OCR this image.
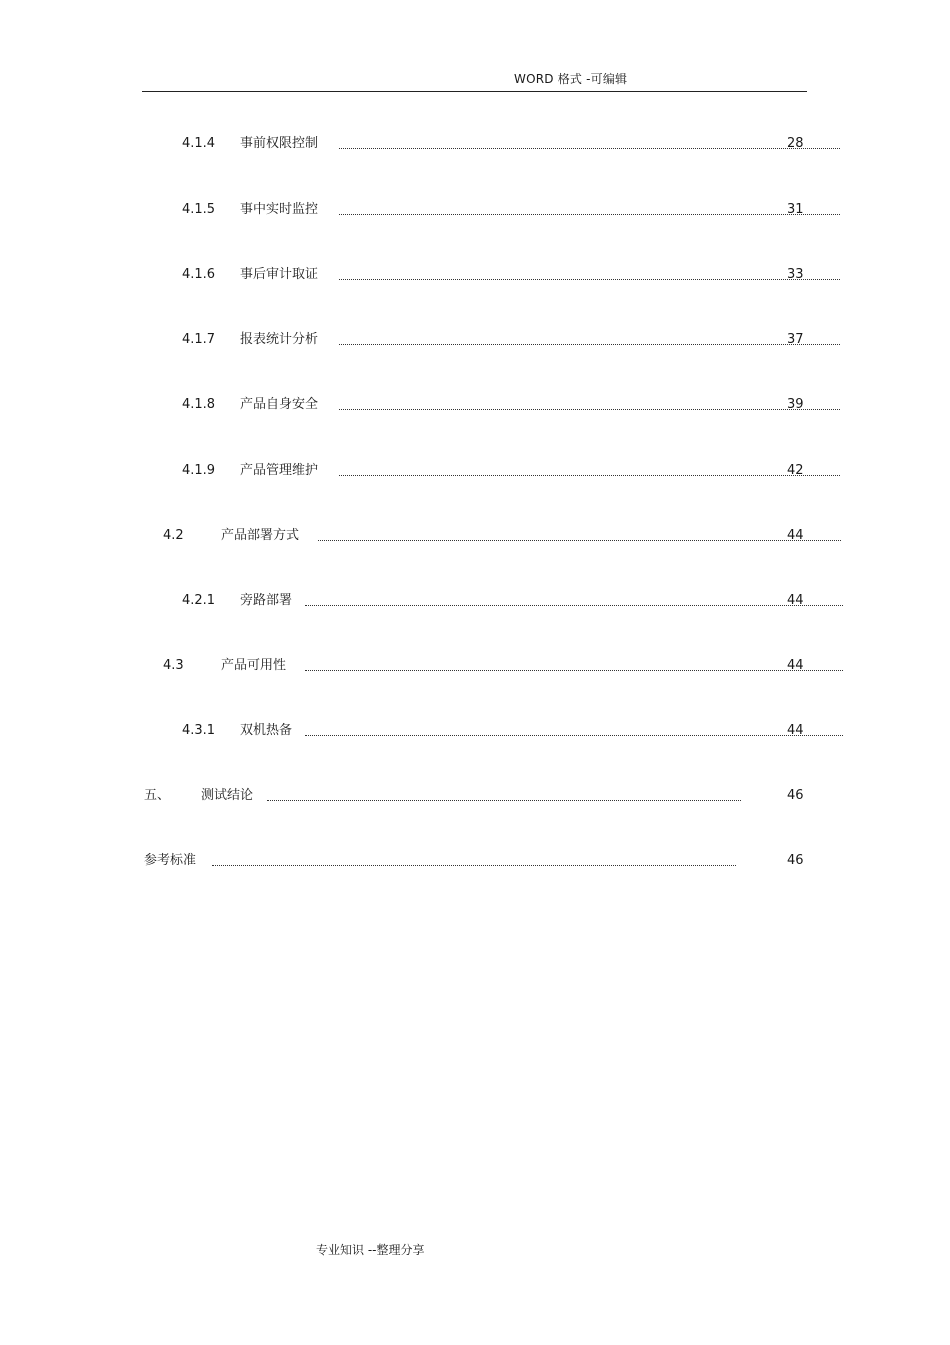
WORD 格式 -可编辑
4.1.4 事前权限控制	28
4.1.5 事中实时监控	31
4.1.6 事后审计取证	33
4.1.7 报表统计分析	37
4.1.8 产品自身安全	39
4.1.9 产品管理维护	42
4.2	产品部署方式	44
4.2.1 旁路部署	44
4.3	产品可用性	44
4.3.1 双机热备	44
五、 测试结论	46
参考标准	46
专业知识 --整理分享
